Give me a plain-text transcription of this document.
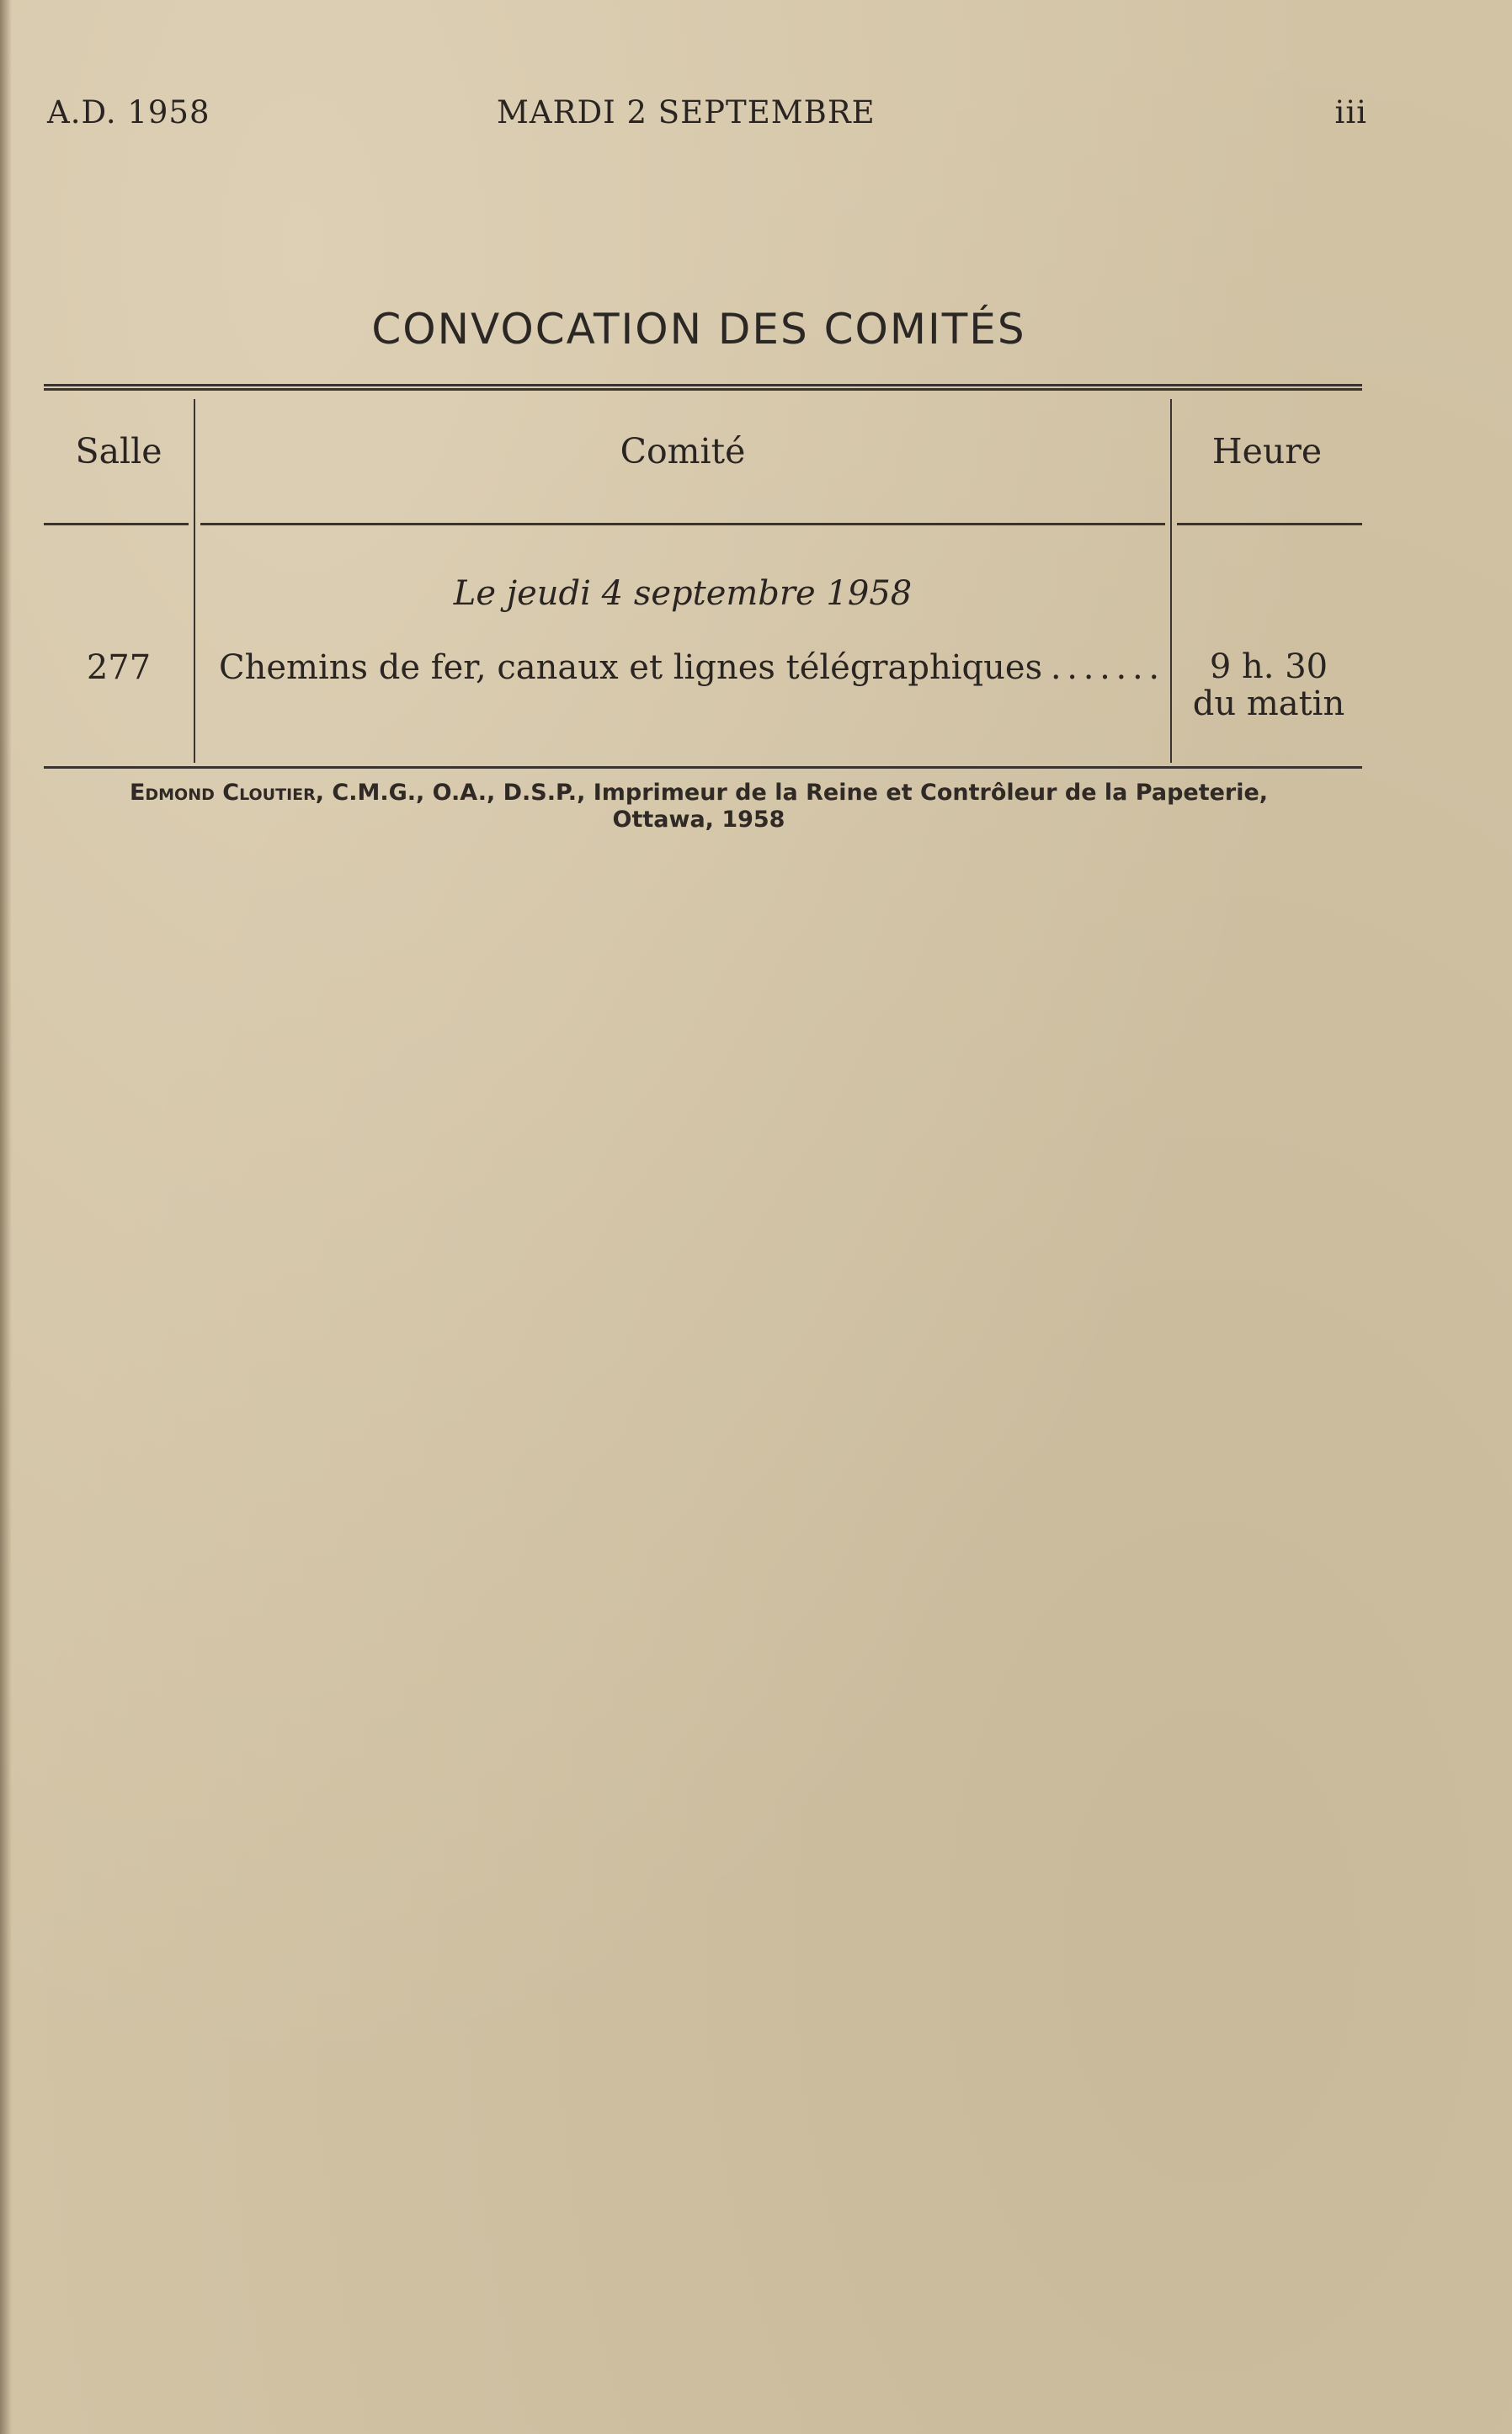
A.D. 1958	MARDI 2 SEPTEMBRE	iii
CONVOCATION DES COMITÉS
Salle	Comité	Heure
Le jeudi 4 septembre 1958
277	Chemins de fer, canaux et lignes télégraphiques . . .	9 h. 30
du matin
Edmond Cloutier, C.M.G., O.A., D.S.P., Imprimeur de la Reine et Contrôleur de la Papeterie,
Ottawa, 1958
